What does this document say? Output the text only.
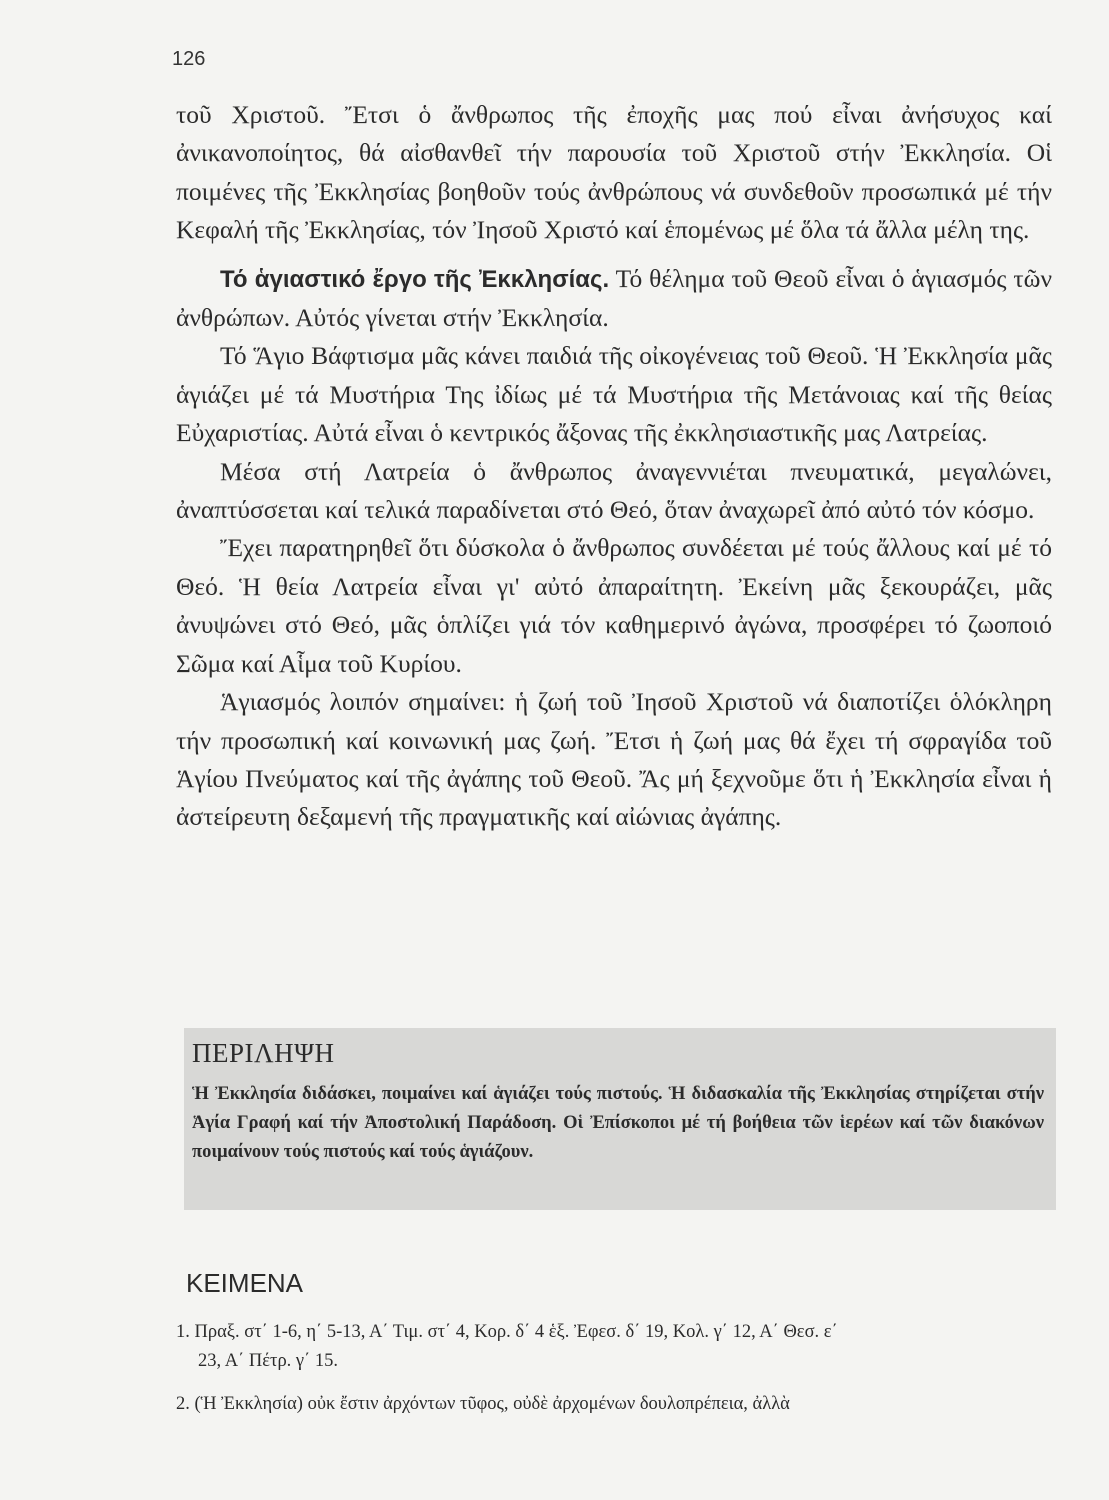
126

τοῦ Χριστοῦ. Ἔτσι ὁ ἄνθρωπος τῆς ἐποχῆς μας πού εἶναι ἀνήσυχος καί ἀνικανοποίητος, θά αἰσθανθεῖ τήν παρουσία τοῦ Χριστοῦ στήν Ἐκκλησία. Οἱ ποιμένες τῆς Ἐκκλησίας βοηθοῦν τούς ἀνθρώπους νά συνδεθοῦν προσωπικά μέ τήν Κεφαλή τῆς Ἐκκλησίας, τόν Ἰησοῦ Χριστό καί ἑπομένως μέ ὅλα τά ἄλλα μέλη της.

Τό ἁγιαστικό ἔργο τῆς Ἐκκλησίας. Τό θέλημα τοῦ Θεοῦ εἶναι ὁ ἁγιασμός τῶν ἀνθρώπων. Αὐτός γίνεται στήν Ἐκκλησία.

Τό Ἅγιο Βάφτισμα μᾶς κάνει παιδιά τῆς οἰκογένειας τοῦ Θεοῦ. Ἡ Ἐκκλησία μᾶς ἁγιάζει μέ τά Μυστήρια Της ἰδίως μέ τά Μυστήρια τῆς Μετάνοιας καί τῆς θείας Εὐχαριστίας. Αὐτά εἶναι ὁ κεντρικός ἄξονας τῆς ἐκκλησιαστικῆς μας Λατρείας.

Μέσα στή Λατρεία ὁ ἄνθρωπος ἀναγεννιέται πνευματικά, μεγαλώνει, ἀναπτύσσεται καί τελικά παραδίνεται στό Θεό, ὅταν ἀναχωρεῖ ἀπό αὐτό τόν κόσμο.

Ἔχει παρατηρηθεῖ ὅτι δύσκολα ὁ ἄνθρωπος συνδέεται μέ τούς ἄλλους καί μέ τό Θεό. Ἡ θεία Λατρεία εἶναι γι' αὐτό ἀπαραίτητη. Ἐκείνη μᾶς ξεκουράζει, μᾶς ἀνυψώνει στό Θεό, μᾶς ὁπλίζει γιά τόν καθημερινό ἀγώνα, προσφέρει τό ζωοποιό Σῶμα καί Αἷμα τοῦ Κυρίου.

Ἁγιασμός λοιπόν σημαίνει: ἡ ζωή τοῦ Ἰησοῦ Χριστοῦ νά διαποτίζει ὁλόκληρη τήν προσωπική καί κοινωνική μας ζωή. Ἔτσι ἡ ζωή μας θά ἔχει τή σφραγίδα τοῦ Ἁγίου Πνεύματος καί τῆς ἀγάπης τοῦ Θεοῦ. Ἄς μή ξεχνοῦμε ὅτι ἡ Ἐκκλησία εἶναι ἡ ἀστείρευτη δεξαμενή τῆς πραγματικῆς καί αἰώνιας ἀγάπης.

ΠΕΡΙΛΗΨΗ
Ἡ Ἐκκλησία διδάσκει, ποιμαίνει καί ἁγιάζει τούς πιστούς. Ἡ διδασκαλία τῆς Ἐκκλησίας στηρίζεται στήν Ἁγία Γραφή καί τήν Ἀποστολική Παράδοση. Οἱ Ἐπίσκοποι μέ τή βοήθεια τῶν ἱερέων καί τῶν διακόνων ποιμαίνουν τούς πιστούς καί τούς ἁγιάζουν.
ΚΕΙΜΕΝΑ
1. Πραξ. στ΄ 1-6, η΄ 5-13, Α΄ Τιμ. στ΄ 4, Κορ. δ΄ 4 ἑξ. Ἐφεσ. δ΄ 19, Κολ. γ΄ 12, Α΄ Θεσ. ε΄
23, Α΄ Πέτρ. γ΄ 15.
2. (Ἡ Ἐκκλησία) οὐκ ἔστιν ἀρχόντων τῦφος, οὐδὲ ἀρχομένων δουλοπρέπεια, ἀλλὰ
